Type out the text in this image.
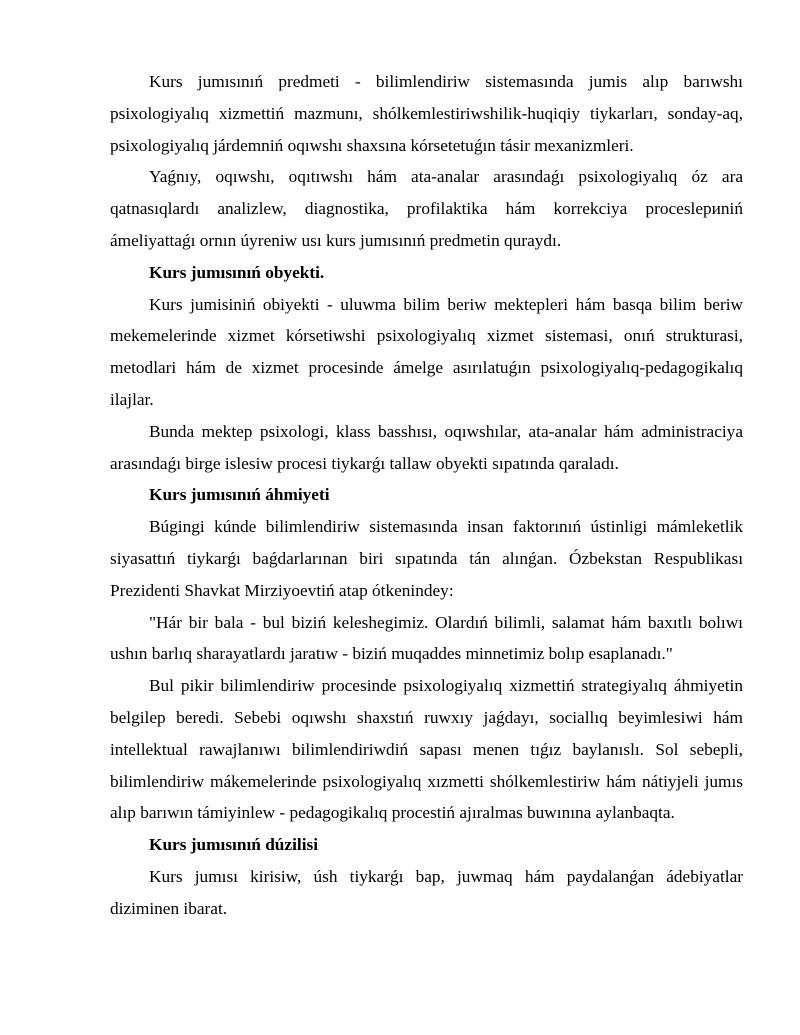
Kurs jumısınıń predmeti - bilimlendiriw sistemasında jumis alıp barıwshı psixologiyalıq xizmettiń mazmunı, shólkemlestiriwshilik-huqiqiy tiykarları, sonday-aq, psixologiyalıq járdemniń oqıwshı shaxsına kórsetetuǵın tásir mexanizmleri.

Yaǵnıy, oqıwshı, oqıtıwshı hám ata-analar arasındaǵı psixologiyalıq óz ara qatnasıqlardı analizlew, diagnostika, profilaktika hám korrekciya proceslериniń ámeliyattaǵı ornın úyreniw usı kurs jumısınıń predmetin quraydı.

Kurs jumısınıń obyekti.

Kurs jumisiniń obiyekti - uluwma bilim beriw mektepleri hám basqa bilim beriw mekemelerinde xizmet kórsetiwshi psixologiyalıq xizmet sistemasi, onıń strukturasi, metodlari hám de xizmet procesinde ámelge asırılatuǵın psixologiyalıq-pedagogikalıq ilajlar.

Bunda mektep psixologi, klass basshısı, oqıwshılar, ata-analar hám administraciya arasındaǵı birge islesiw procesi tiykarǵı tallaw obyekti sıpatında qaraladı.

Kurs jumısınıń áhmiyeti

Búgingi kúnde bilimlendiriw sistemasında insan faktorınıń ústinligi mámleketlik siyasattıń tiykarǵı baǵdarlarınan biri sıpatında tán alınǵan. Ózbekstan Respublikası Prezidenti Shavkat Mirziyoevtiń atap ótkenindey:

"Hár bir bala - bul biziń keleshegimiz. Olardıń bilimli, salamat hám baxıtlı bolıwı ushın barlıq sharayatlardı jaratıw - biziń muqaddes minnetimiz bolıp esaplanadı."

Bul pikir bilimlendiriw procesinde psixologiyalıq xizmettiń strategiyalıq áhmiyetin belgilep beredi. Sebebi oqıwshı shaxstıń ruwxıy jaǵdayı, sociallıq beyimlesiwi hám intellektual rawajlanıwı bilimlendiriwdiń sapası menen tıǵız baylanıslı. Sol sebepli, bilimlendiriw mákemelerinde psixologiyalıq xızmetti shólkemlestiriw hám nátiyjeli jumıs alıp barıwın támiyinlew - pedagogikalıq procestiń ajıralmas buwınına aylanbaqta.

Kurs jumısınıń dúzilisi

Kurs jumısı kirisiw, úsh tiykarǵı bap, juwmaq hám paydalanǵan ádebiyatlar diziminen ibarat.
